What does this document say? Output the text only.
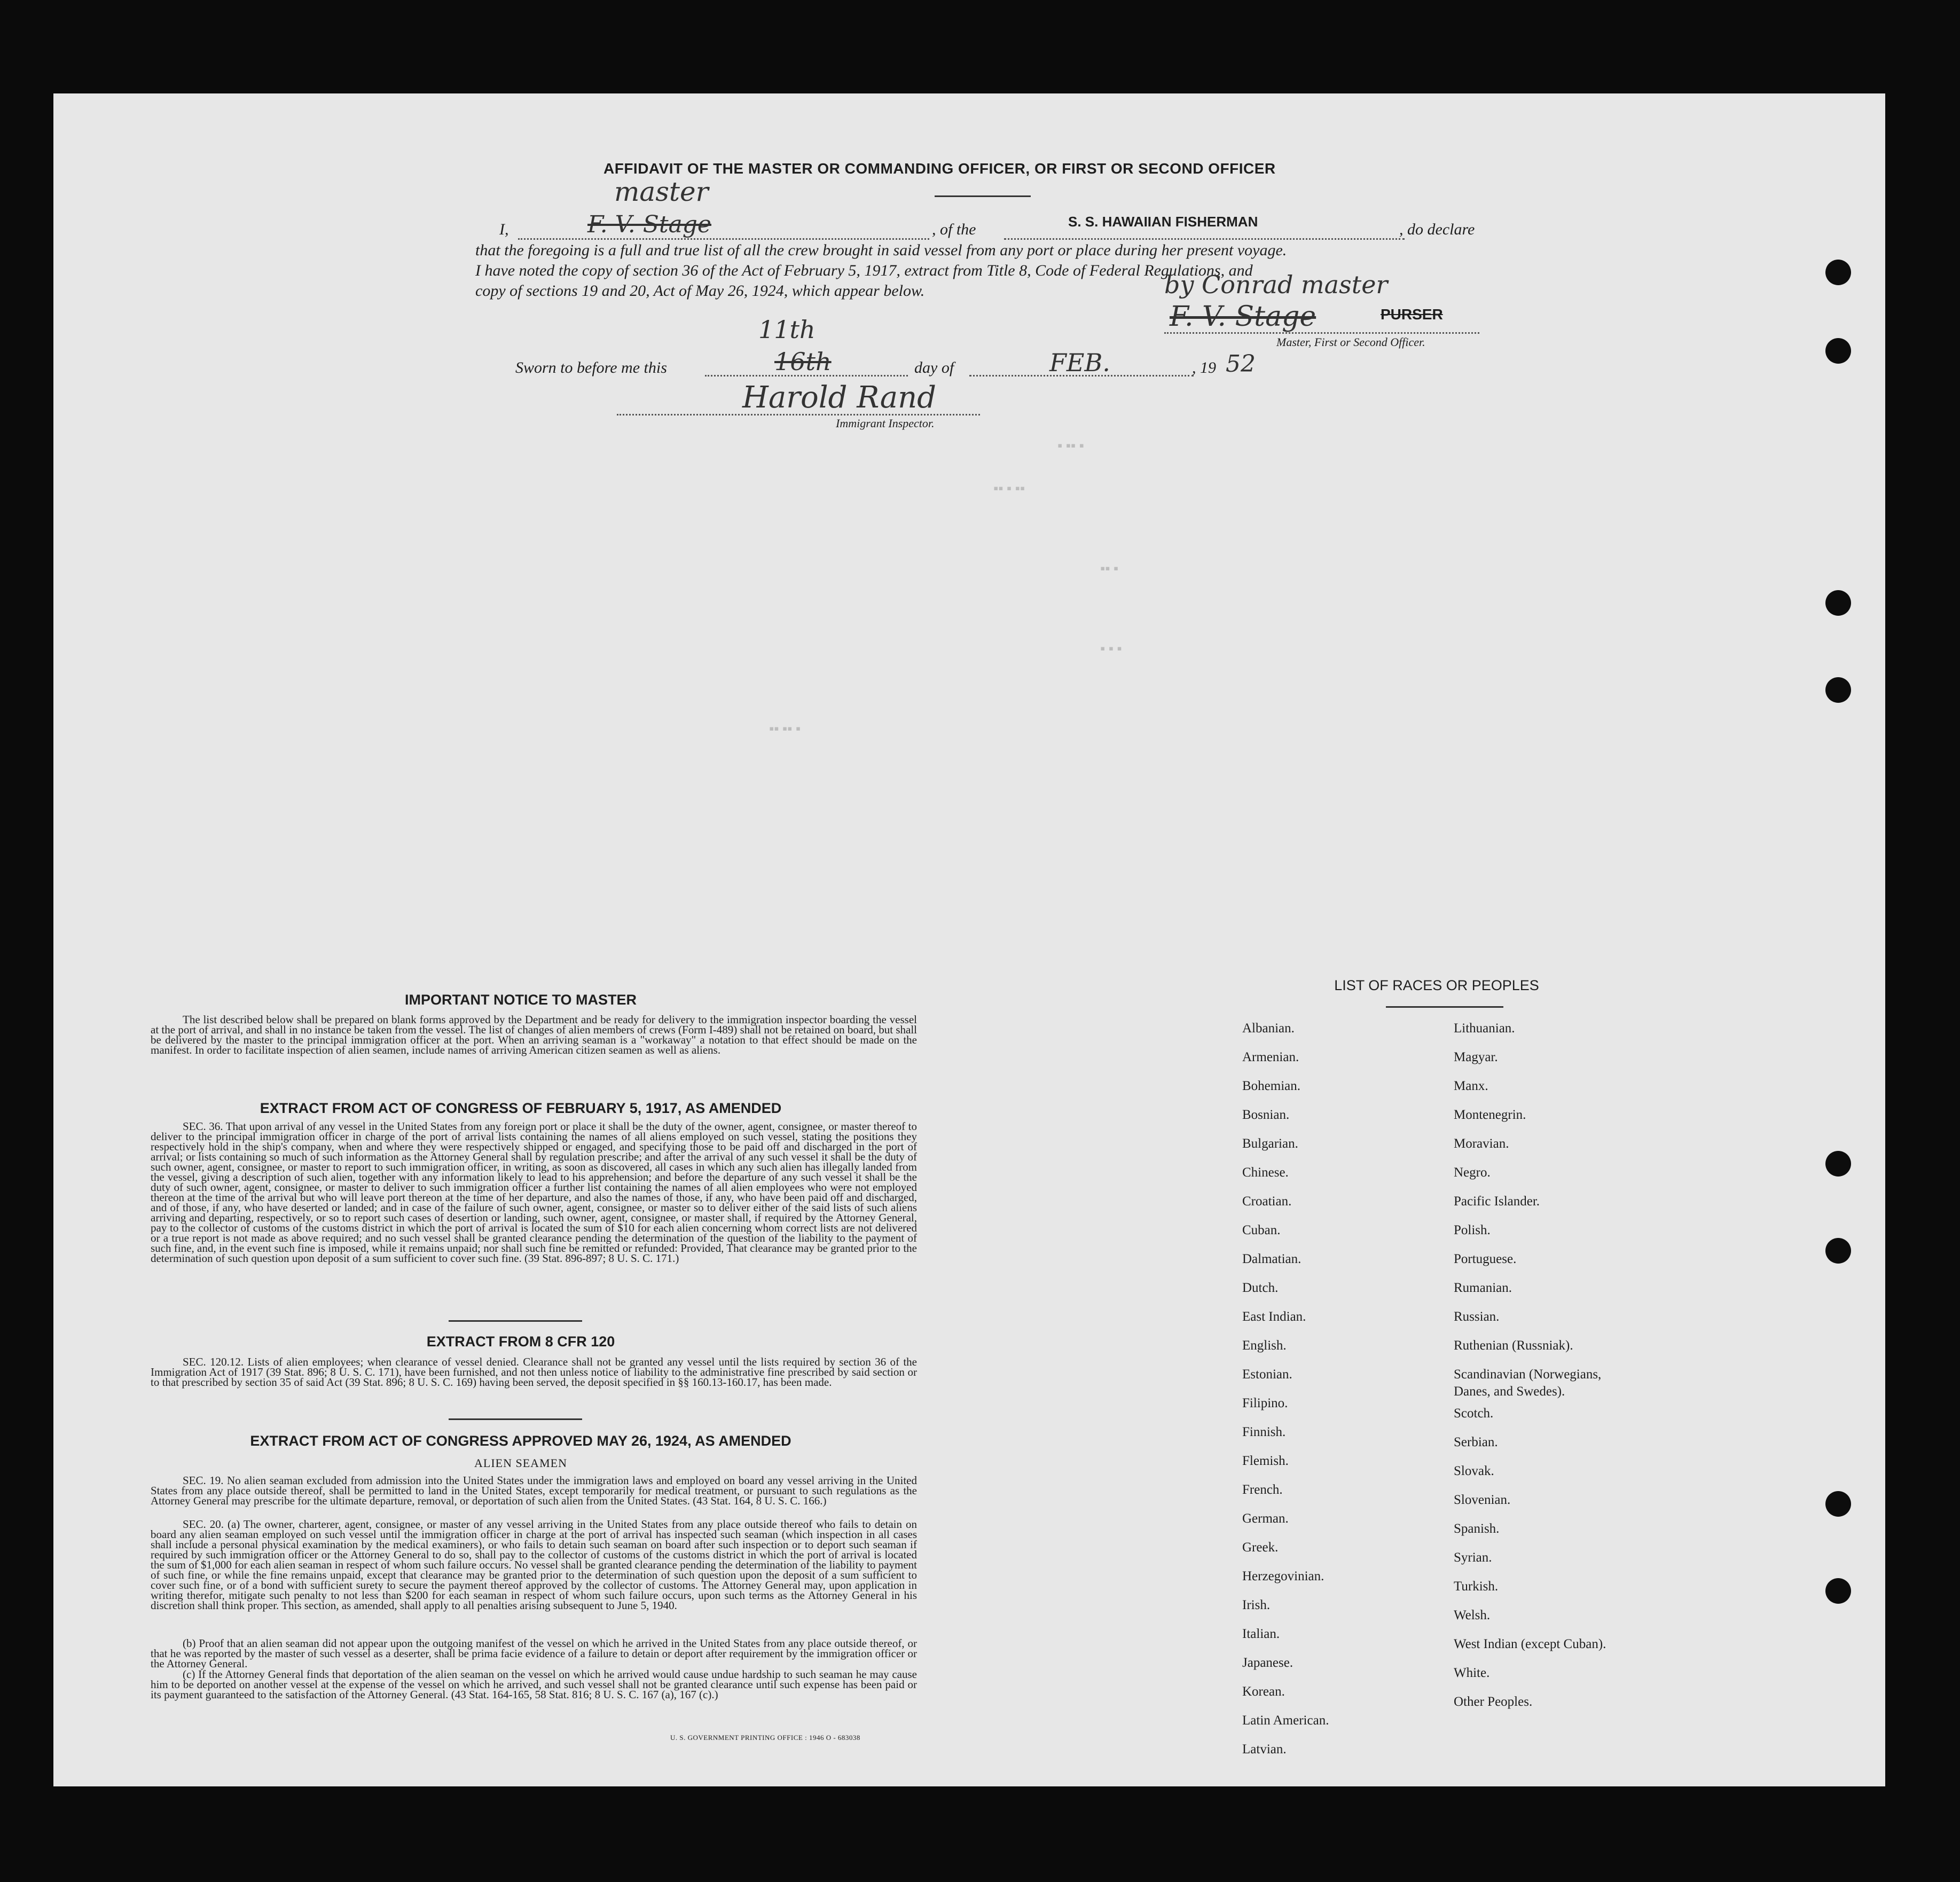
AFFIDAVIT OF THE MASTER OR COMMANDING OFFICER, OR FIRST OR SECOND OFFICER
master
I,	F. V. Stage	, of the	S. S. HAWAIIAN FISHERMAN	, do declare
that the foregoing is a full and true list of all the crew brought in said vessel from any port or place during her present voyage.
I have noted the copy of section 36 of the Act of February 5, 1917, extract from Title 8, Code of Federal Regulations, and
copy of sections 19 and 20, Act of May 26, 1924, which appear below.	by Conrad master
F. V. Stage	PURSER
Master, First or Second Officer.
Sworn to before me this
11th
16th	day of	FEB.	, 19 52
Harold Rand
Immigrant Inspector.
▪ ▪▪ ▪
▪▪ ▪ ▪▪
▪▪ ▪
▪ ▪ ▪
▪▪ ▪▪ ▪
IMPORTANT NOTICE TO MASTER
The list described below shall be prepared on blank forms approved by the Department and be ready for delivery to the immigration inspector boarding the vessel at the port of arrival, and shall in no instance be taken from the vessel. The list of changes of alien members of crews (Form I-489) shall not be retained on board, but shall be delivered by the master to the principal immigration officer at the port. When an arriving seaman is a "workaway" a notation to that effect should be made on the manifest. In order to facilitate inspection of alien seamen, include names of arriving American citizen seamen as well as aliens.
EXTRACT FROM ACT OF CONGRESS OF FEBRUARY 5, 1917, AS AMENDED
SEC. 36. That upon arrival of any vessel in the United States from any foreign port or place it shall be the duty of the owner, agent, consignee, or master thereof to deliver to the principal immigration officer in charge of the port of arrival lists containing the names of all aliens employed on such vessel, stating the positions they respectively hold in the ship's company, when and where they were respectively shipped or engaged, and specifying those to be paid off and discharged in the port of arrival; or lists containing so much of such information as the Attorney General shall by regulation prescribe; and after the arrival of any such vessel it shall be the duty of such owner, agent, consignee, or master to report to such immigration officer, in writing, as soon as discovered, all cases in which any such alien has illegally landed from the vessel, giving a description of such alien, together with any information likely to lead to his apprehension; and before the departure of any such vessel it shall be the duty of such owner, agent, consignee, or master to deliver to such immigration officer a further list containing the names of all alien employees who were not employed thereon at the time of the arrival but who will leave port thereon at the time of her departure, and also the names of those, if any, who have been paid off and discharged, and of those, if any, who have deserted or landed; and in case of the failure of such owner, agent, consignee, or master so to deliver either of the said lists of such aliens arriving and departing, respectively, or so to report such cases of desertion or landing, such owner, agent, consignee, or master shall, if required by the Attorney General, pay to the collector of customs of the customs district in which the port of arrival is located the sum of $10 for each alien concerning whom correct lists are not delivered or a true report is not made as above required; and no such vessel shall be granted clearance pending the determination of the question of the liability to the payment of such fine, and, in the event such fine is imposed, while it remains unpaid; nor shall such fine be remitted or refunded: Provided, That clearance may be granted prior to the determination of such question upon deposit of a sum sufficient to cover such fine. (39 Stat. 896-897; 8 U. S. C. 171.)
EXTRACT FROM 8 CFR 120
SEC. 120.12. Lists of alien employees; when clearance of vessel denied. Clearance shall not be granted any vessel until the lists required by section 36 of the Immigration Act of 1917 (39 Stat. 896; 8 U. S. C. 171), have been furnished, and not then unless notice of liability to the administrative fine prescribed by said section or to that prescribed by section 35 of said Act (39 Stat. 896; 8 U. S. C. 169) having been served, the deposit specified in §§ 160.13-160.17, has been made.
EXTRACT FROM ACT OF CONGRESS APPROVED MAY 26, 1924, AS AMENDED
ALIEN SEAMEN
SEC. 19. No alien seaman excluded from admission into the United States under the immigration laws and employed on board any vessel arriving in the United States from any place outside thereof, shall be permitted to land in the United States, except temporarily for medical treatment, or pursuant to such regulations as the Attorney General may prescribe for the ultimate departure, removal, or deportation of such alien from the United States. (43 Stat. 164, 8 U. S. C. 166.)
SEC. 20. (a) The owner, charterer, agent, consignee, or master of any vessel arriving in the United States from any place outside thereof who fails to detain on board any alien seaman employed on such vessel until the immigration officer in charge at the port of arrival has inspected such seaman (which inspection in all cases shall include a personal physical examination by the medical examiners), or who fails to detain such seaman on board after such inspection or to deport such seaman if required by such immigration officer or the Attorney General to do so, shall pay to the collector of customs of the customs district in which the port of arrival is located the sum of $1,000 for each alien seaman in respect of whom such failure occurs. No vessel shall be granted clearance pending the determination of the liability to payment of such fine, or while the fine remains unpaid, except that clearance may be granted prior to the determination of such question upon the deposit of a sum sufficient to cover such fine, or of a bond with sufficient surety to secure the payment thereof approved by the collector of customs. The Attorney General may, upon application in writing therefor, mitigate such penalty to not less than $200 for each seaman in respect of whom such failure occurs, upon such terms as the Attorney General in his discretion shall think proper. This section, as amended, shall apply to all penalties arising subsequent to June 5, 1940.
(b) Proof that an alien seaman did not appear upon the outgoing manifest of the vessel on which he arrived in the United States from any place outside thereof, or that he was reported by the master of such vessel as a deserter, shall be prima facie evidence of a failure to detain or deport after requirement by the immigration officer or the Attorney General.
(c) If the Attorney General finds that deportation of the alien seaman on the vessel on which he arrived would cause undue hardship to such seaman he may cause him to be deported on another vessel at the expense of the vessel on which he arrived, and such vessel shall not be granted clearance until such expense has been paid or its payment guaranteed to the satisfaction of the Attorney General. (43 Stat. 164-165, 58 Stat. 816; 8 U. S. C. 167 (a), 167 (c).)
U. S. GOVERNMENT PRINTING OFFICE : 1946 O - 683038
LIST OF RACES OR PEOPLES
Albanian.
Armenian.
Bohemian.
Bosnian.
Bulgarian.
Chinese.
Croatian.
Cuban.
Dalmatian.
Dutch.
East Indian.
English.
Estonian.
Filipino.
Finnish.
Flemish.
French.
German.
Greek.
Herzegovinian.
Irish.
Italian.
Japanese.
Korean.
Latin American.
Latvian.
Lithuanian.
Magyar.
Manx.
Montenegrin.
Moravian.
Negro.
Pacific Islander.
Polish.
Portuguese.
Rumanian.
Russian.
Ruthenian (Russniak).
Scandinavian (Norwegians,
Danes, and Swedes).
Scotch.
Serbian.
Slovak.
Slovenian.
Spanish.
Syrian.
Turkish.
Welsh.
West Indian (except Cuban).
White.
Other Peoples.
